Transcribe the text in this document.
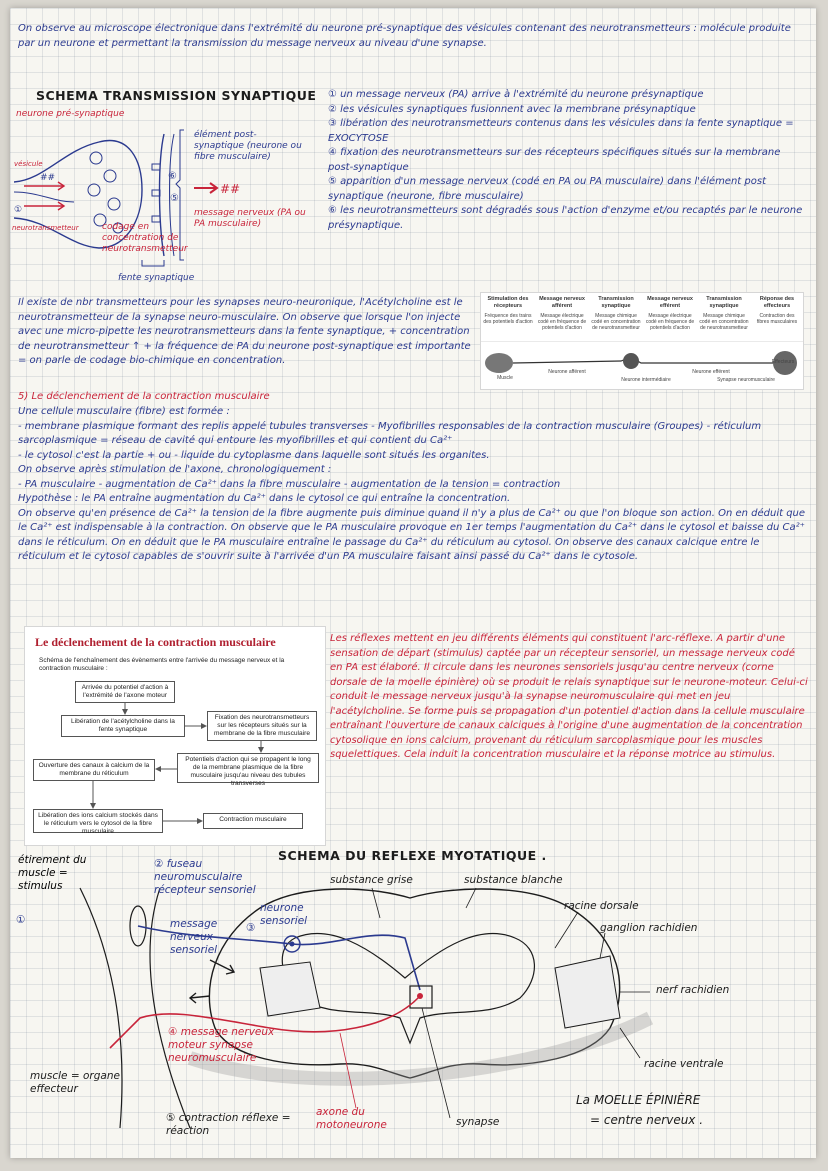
On observe au microscope électronique dans l'extrémité du neurone pré-synaptique des vésicules contenant des neurotransmetteurs : molécule produite par un neurone et permettant la transmission du message nerveux au niveau d'une synapse.
SCHEMA TRANSMISSION SYNAPTIQUE
neurone pré-synaptique
##
##
élément post-synaptique (neurone ou fibre musculaire)
message nerveux (PA ou PA musculaire)
codage en concentration de neurotransmetteur
fente synaptique
vésicule
neurotransmetteur
①
⑥
⑤

① un message nerveux (PA) arrive à l'extrémité du neurone présynaptique

② les vésicules synaptiques fusionnent avec la membrane présynaptique

③ libération des neurotransmetteurs contenus dans les vésicules dans la fente synaptique = EXOCYTOSE

④ fixation des neurotransmetteurs sur des récepteurs spécifiques situés sur la membrane post-synaptique

⑤ apparition d'un message nerveux (codé en PA ou PA musculaire) dans l'élément post synaptique (neurone, fibre musculaire)

⑥ les neurotransmetteurs sont dégradés sous l'action d'enzyme et/ou recaptés par le neurone présynaptique.

Il existe de nbr transmetteurs pour les synapses neuro-neuronique, l'Acétylcholine est le neurotransmetteur de la synapse neuro-musculaire. On observe que lorsque l'on injecte avec une micro-pipette les neurotransmetteurs dans la fente synaptique, + concentration de neurotransmetteur ↑ + la fréquence de PA du neurone post-synaptique est importante = on parle de codage bio-chimique en concentration.
Stimulation des récepteurs
Message nerveux afférent
Transmission synaptique
Message nerveux efférent
Transmission synaptique
Réponse des effecteurs
Fréquence des trains des potentiels d'action
Message électrique codé en fréquence de potentiels d'action
Message chimique codé en concentration de neurotransmetteur
Message électrique codé en fréquence de potentiels d'action
Message chimique codé en concentration de neurotransmetteur
Contraction des fibres musculaires
Muscle
Neurone afférent
Neurone intermédiaire
Neurone efférent
Synapse neuromusculaire
Effecteurs
5) Le déclenchement de la contraction musculaire

Une cellule musculaire (fibre) est formée :

- membrane plasmique formant des replis appelé tubules transverses - Myofibrilles responsables de la contraction musculaire (Groupes) - réticulum sarcoplasmique = réseau de cavité qui entoure les myofibrilles et qui contient du Ca²⁺

- le cytosol c'est la partie + ou - liquide du cytoplasme dans laquelle sont situés les organites.

On observe après stimulation de l'axone, chronologiquement :

- PA musculaire - augmentation de Ca²⁺ dans la fibre musculaire - augmentation de la tension = contraction

Hypothèse : le PA entraîne augmentation du Ca²⁺ dans le cytosol ce qui entraîne la concentration.

On observe qu'en présence de Ca²⁺ la tension de la fibre augmente puis diminue quand il n'y a plus de Ca²⁺ ou que l'on bloque son action. On en déduit que le Ca²⁺ est indispensable à la contraction. On observe que le PA musculaire provoque en 1er temps l'augmentation du Ca²⁺ dans le cytosol et baisse du Ca²⁺ dans le réticulum. On en déduit que le PA musculaire entraîne le passage du Ca²⁺ du réticulum au cytosol. On observe des canaux calcique entre le réticulum et le cytosol capables de s'ouvrir suite à l'arrivée d'un PA musculaire faisant ainsi passé du Ca²⁺ dans le cytosole.

Le déclenchement de la contraction musculaire
Schéma de l'enchaînement des évènements entre l'arrivée du message nerveux et la contraction musculaire :
Arrivée du potentiel d'action à l'extrémité de l'axone moteur
Libération de l'acétylcholine dans la fente synaptique
Fixation des neurotransmetteurs sur les récepteurs situés sur la membrane de la fibre musculaire
Potentiels d'action qui se propagent le long de la membrane plasmique de la fibre musculaire jusqu'au niveau des tubules transverses
Ouverture des canaux à calcium de la membrane du réticulum
Libération des ions calcium stockés dans le réticulum vers le cytosol de la fibre musculaire
Contraction musculaire
Les réflexes mettent en jeu différents éléments qui constituent l'arc-réflexe. A partir d'une sensation de départ (stimulus) captée par un récepteur sensoriel, un message nerveux codé en PA est élaboré. Il circule dans les neurones sensoriels jusqu'au centre nerveux (corne dorsale de la moelle épinière) où se produit le relais synaptique sur le neurone-moteur. Celui-ci conduit le message nerveux jusqu'à la synapse neuromusculaire qui met en jeu l'acétylcholine. Se forme puis se propagation d'un potentiel d'action dans la cellule musculaire entraînant l'ouverture de canaux calciques à l'origine d'une augmentation de la concentration cytosolique en ions calcium, provenant du réticulum sarcoplasmique pour les muscles squelettiques. Cela induit la concentration musculaire et la réponse motrice au stimulus.
SCHEMA DU REFLEXE MYOTATIQUE .
étirement du muscle = stimulus
①
② fuseau neuromusculaire récepteur sensoriel
message nerveux sensoriel
③
neurone sensoriel
substance grise	substance blanche
racine dorsale
ganglion rachidien
nerf rachidien
racine ventrale
④ message nerveux moteur synapse neuromusculaire
muscle = organe effecteur
⑤ contraction réflexe = réaction
axone du motoneurone	synapse
La MOELLE ÉPINIÈRE
= centre nerveux .
